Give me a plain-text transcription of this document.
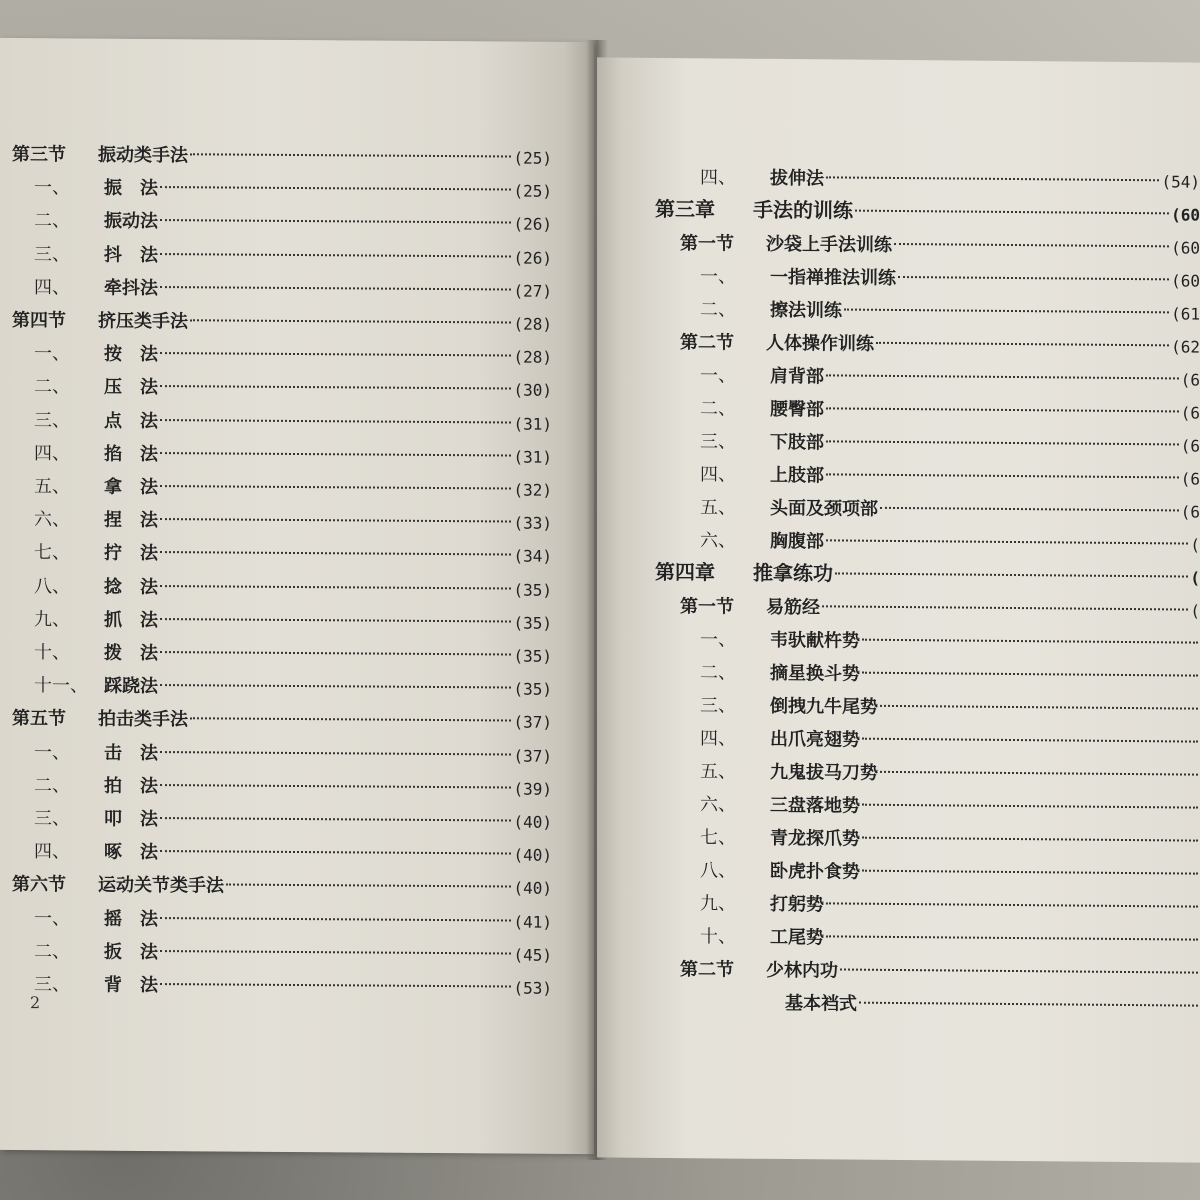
第三节	振动类手法	(25)
一、	振　法	(25)
二、	振动法	(26)
三、	抖　法	(26)
四、	牵抖法	(27)
第四节	挤压类手法	(28)
一、	按　法	(28)
二、	压　法	(30)
三、	点　法	(31)
四、	掐　法	(31)
五、	拿　法	(32)
六、	捏　法	(33)
七、	拧　法	(34)
八、	捻　法	(35)
九、	抓　法	(35)
十、	拨　法	(35)
十一、 踩跷法	(35)
第五节	拍击类手法	(37)
一、	击　法	(37)
二、	拍　法	(39)
三、	叩　法	(40)
四、	啄　法	(40)
第六节	运动关节类手法	(40)
一、	摇　法	(41)
二、	扳　法	(45)
三、	背　法	(53)
2
四、	拔伸法	(54)
第三章	手法的训练	(60
第一节	沙袋上手法训练	(60
一、	一指禅推法训练	(60
二、	擦法训练	(61
第二节	人体操作训练	(62
一、	肩背部	(6
二、	腰臀部	(6
三、	下肢部	(6
四、	上肢部	(6
五、	头面及颈项部	(6
六、	胸腹部	(
第四章	推拿练功	(
第一节	易筋经	(
一、	韦驮献杵势
二、	摘星换斗势
三、	倒拽九牛尾势
四、	出爪亮翅势
五、	九鬼拔马刀势
六、	三盘落地势
七、	青龙探爪势
八、	卧虎扑食势
九、	打躬势
十、	工尾势
第二节	少林内功
基本裆式
